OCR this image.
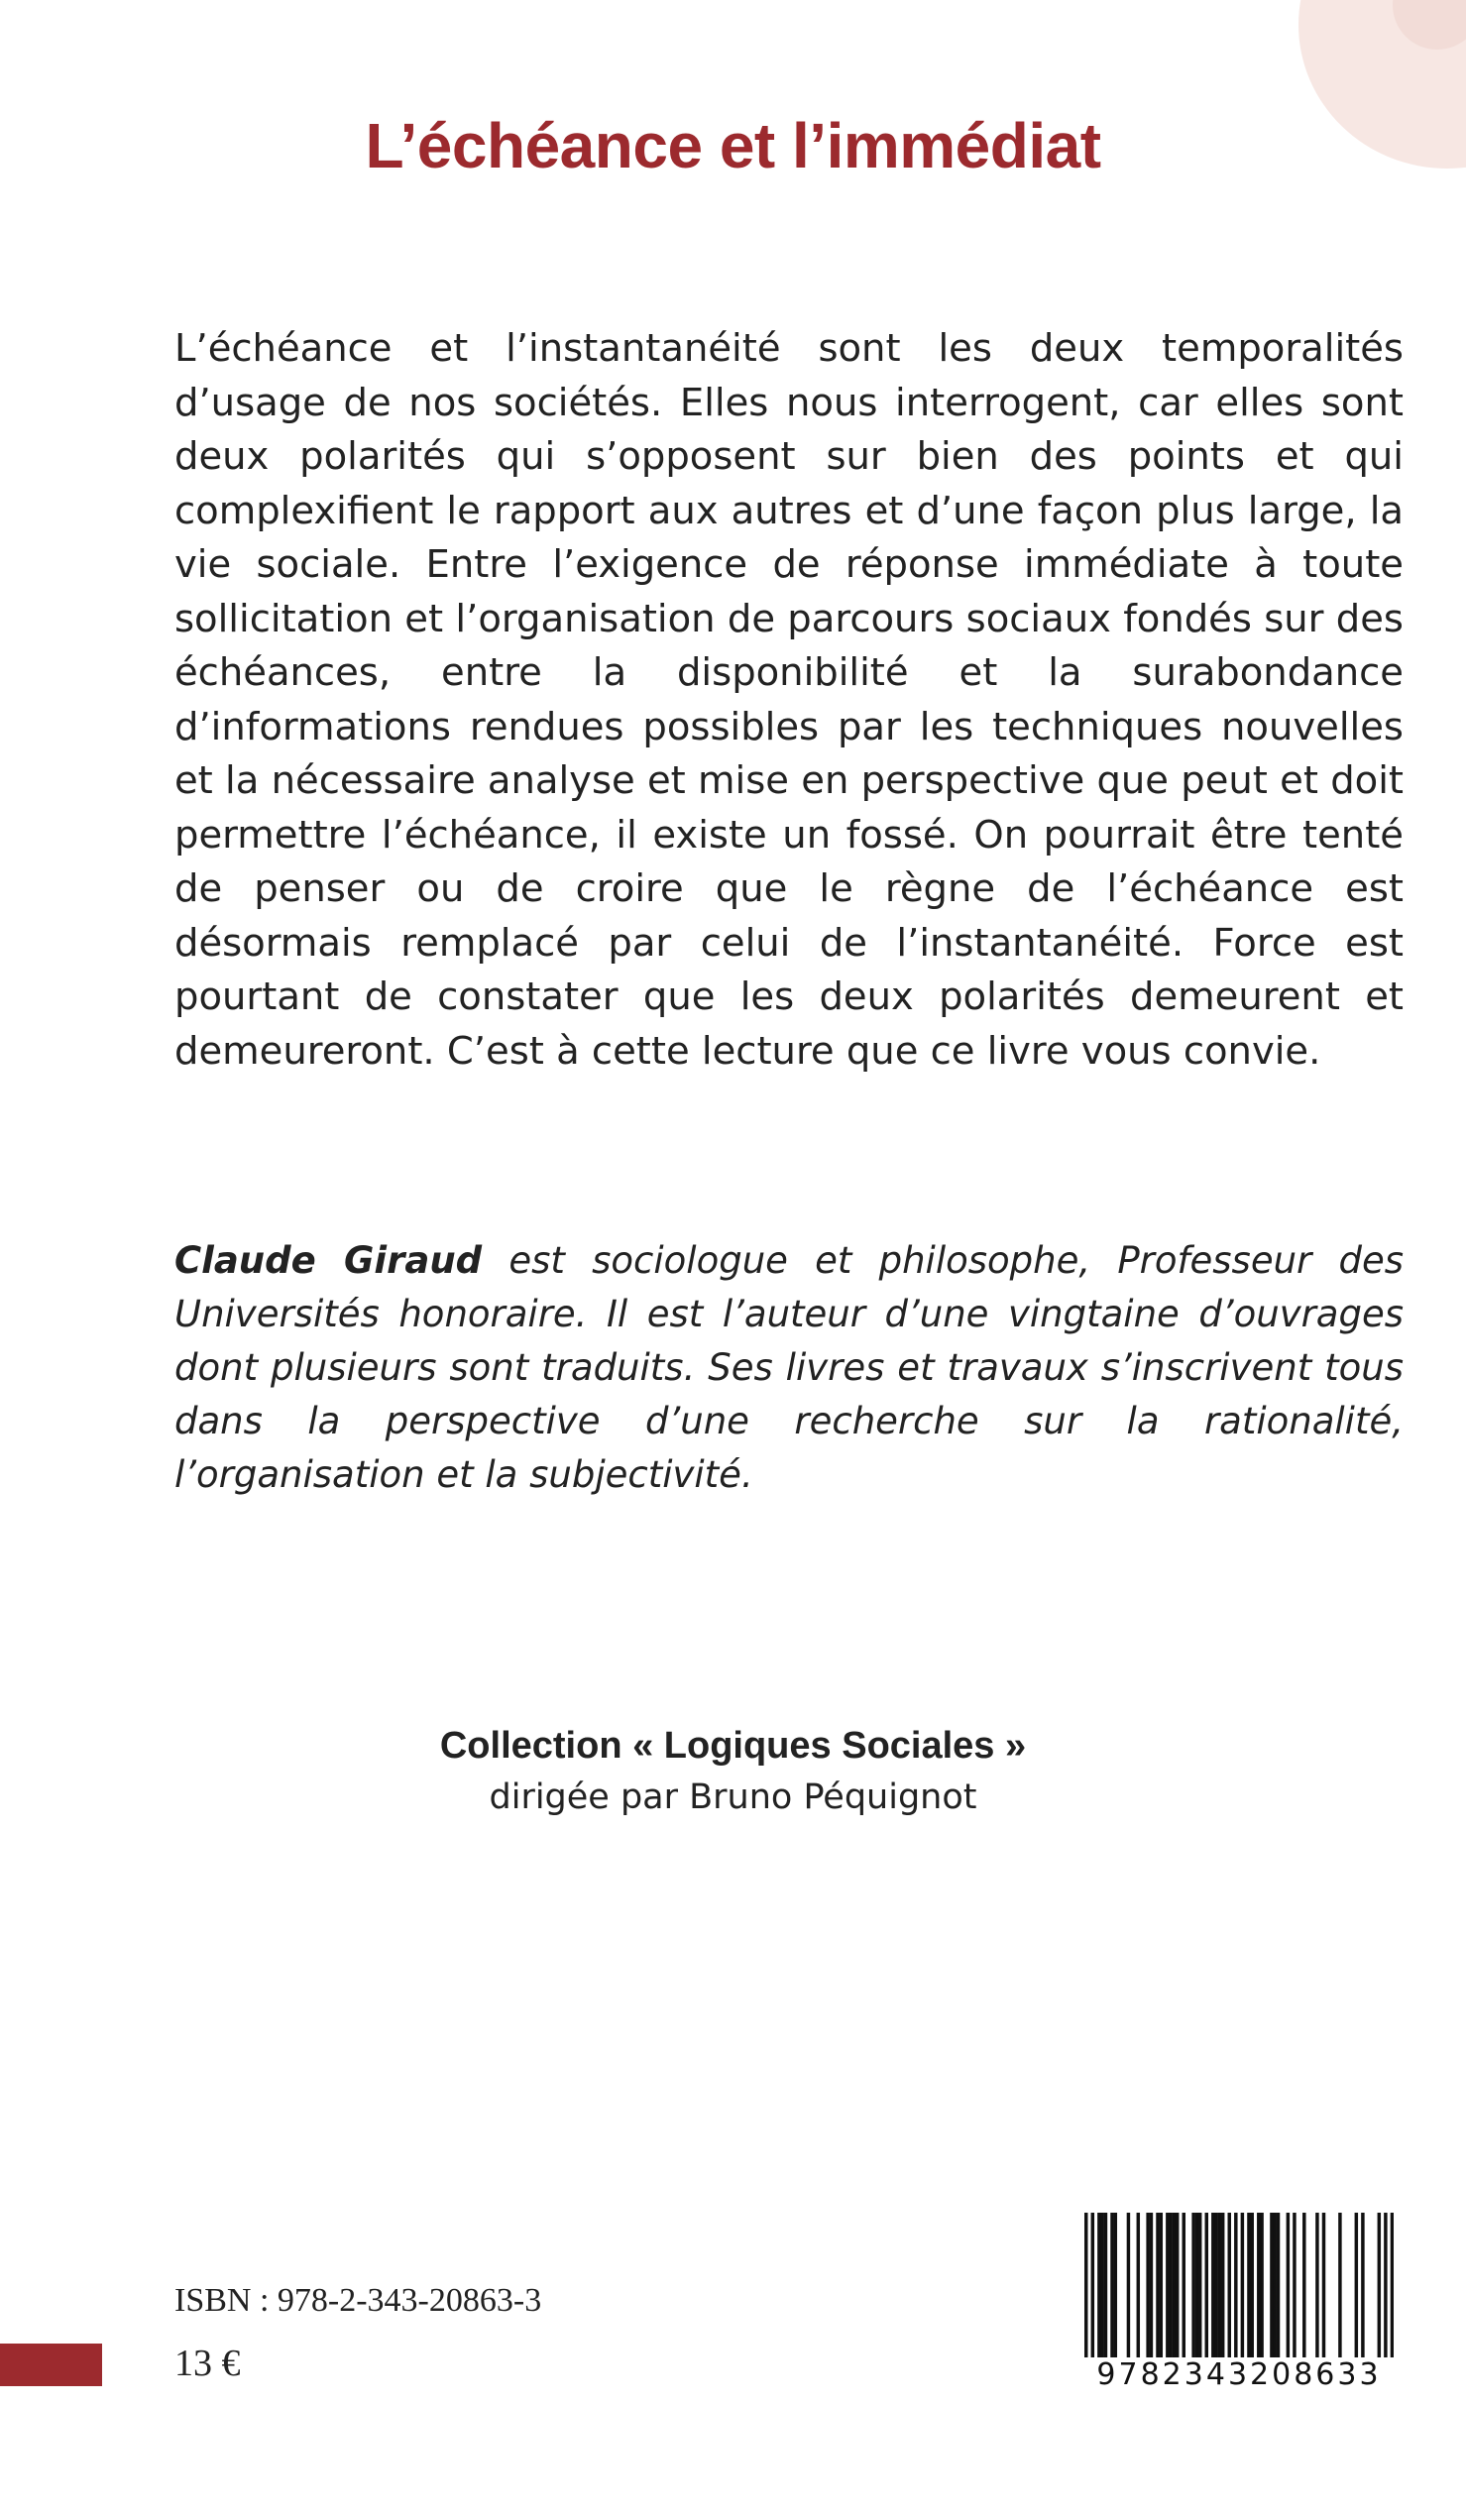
L’échéance et l’immédiat

L’échéance et l’instantanéité sont les deux temporalités d’usage de nos sociétés. Elles nous interrogent, car elles sont deux polarités qui s’opposent sur bien des points et qui complexifient le rapport aux autres et d’une façon plus large, la vie sociale. Entre l’exigence de réponse immédiate à toute sollicitation et l’organisation de parcours sociaux fondés sur des échéances, entre la disponibilité et la surabondance d’informations rendues possibles par les techniques nouvelles et la nécessaire analyse et mise en perspective que peut et doit permettre l’échéance, il existe un fossé. On pourrait être tenté de penser ou de croire que le règne de l’échéance est désormais remplacé par celui de l’instantanéité. Force est pourtant de constater que les deux polarités demeurent et demeureront. C’est à cette lecture que ce livre vous convie.

Claude Giraud est sociologue et philosophe, Professeur des Universités honoraire. Il est l’auteur d’une vingtaine d’ouvrages dont plusieurs sont traduits. Ses livres et travaux s’inscrivent tous dans la perspective d’une recherche sur la rationalité, l’organisation et la subjectivité.

Collection « Logiques Sociales »
dirigée par Bruno Péquignot
ISBN : 978-2-343-20863-3
13 €	9782343208633
